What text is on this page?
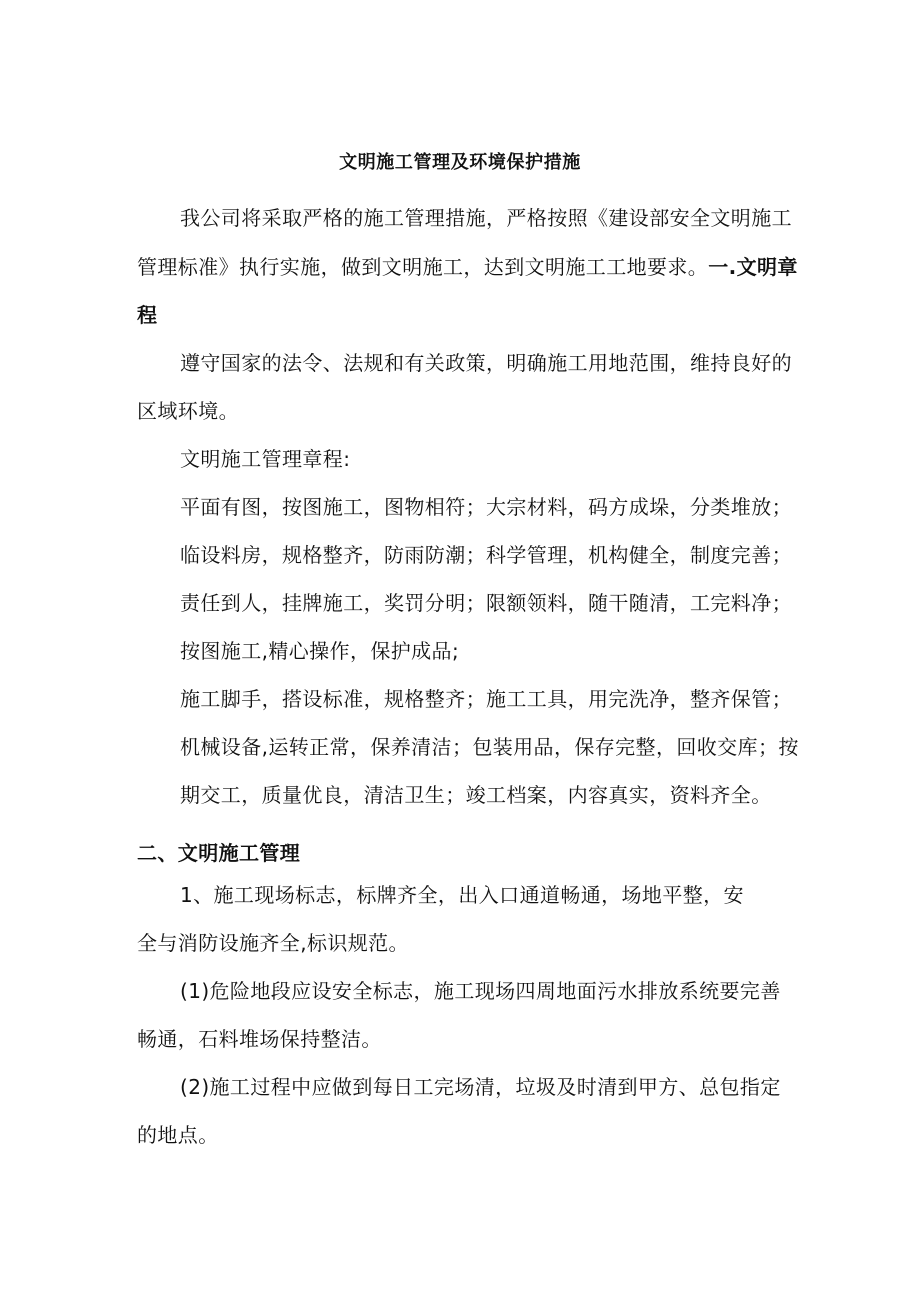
文明施工管理及环境保护措施
我公司将采取严格的施工管理措施，严格按照《建设部安全文明施工
管理标准》执行实施，做到文明施工，达到文明施工工地要求。一.文明章
程
遵守国家的法令、法规和有关政策，明确施工用地范围，维持良好的
区域环境。
文明施工管理章程:
平面有图，按图施工，图物相符；大宗材料，码方成垛，分类堆放；
临设料房，规格整齐，防雨防潮；科学管理，机构健全，制度完善；
责任到人，挂牌施工，奖罚分明；限额领料，随干随清，工完料净；
按图施工,精心操作，保护成品;
施工脚手，搭设标准，规格整齐；施工工具，用完洗净，整齐保管；
机械设备,运转正常，保养清洁；包装用品，保存完整，回收交库；按
期交工，质量优良，清洁卫生；竣工档案，内容真实，资料齐全。
二、文明施工管理
1、施工现场标志，标牌齐全，出入口通道畅通，场地平整，安
全与消防设施齐全,标识规范。
(1)危险地段应设安全标志，施工现场四周地面污水排放系统要完善
畅通，石料堆场保持整洁。
(2)施工过程中应做到每日工完场清，垃圾及时清到甲方、总包指定
的地点。
